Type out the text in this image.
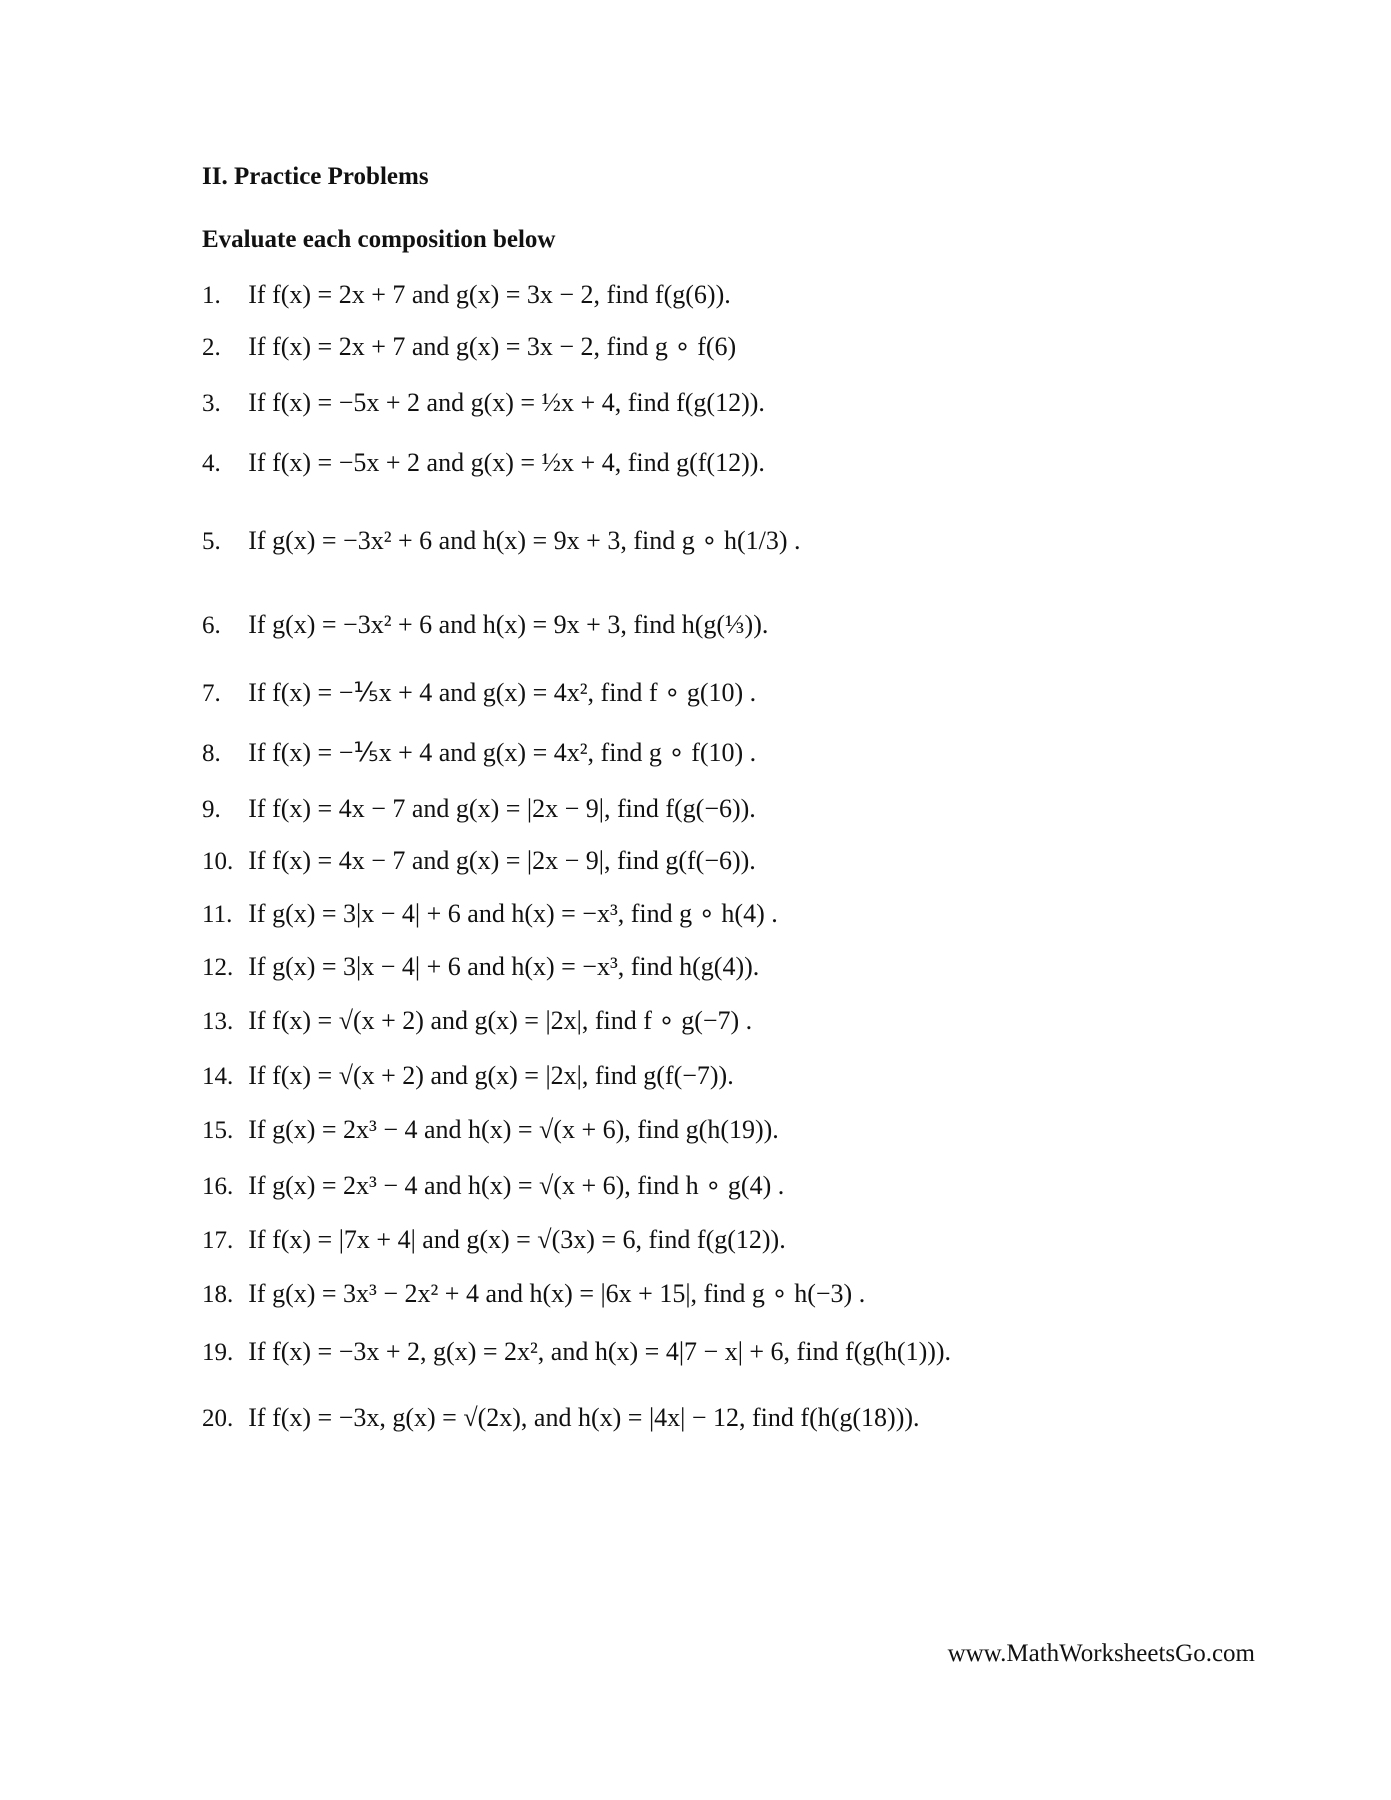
II. Practice Problems
Evaluate each composition below
1. If f(x) = 2x + 7 and g(x) = 3x − 2, find f(g(6)).
2. If f(x) = 2x + 7 and g(x) = 3x − 2, find g ∘ f(6)
3. If f(x) = −5x + 2 and g(x) = ½x + 4, find f(g(12)).
4. If f(x) = −5x + 2 and g(x) = ½x + 4, find g(f(12)).
5. If g(x) = −3x² + 6 and h(x) = 9x + 3, find g ∘ h(1/3) .
6. If g(x) = −3x² + 6 and h(x) = 9x + 3, find h(g(⅓)).
7. If f(x) = −⅕x + 4 and g(x) = 4x², find f ∘ g(10) .
8. If f(x) = −⅕x + 4 and g(x) = 4x², find g ∘ f(10) .
9. If f(x) = 4x − 7 and g(x) = |2x − 9|, find f(g(−6)).
10. If f(x) = 4x − 7 and g(x) = |2x − 9|, find g(f(−6)).
11. If g(x) = 3|x − 4| + 6 and h(x) = −x³, find g ∘ h(4) .
12. If g(x) = 3|x − 4| + 6 and h(x) = −x³, find h(g(4)).
13. If f(x) = √(x + 2) and g(x) = |2x|, find f ∘ g(−7) .
14. If f(x) = √(x + 2) and g(x) = |2x|, find g(f(−7)).
15. If g(x) = 2x³ − 4 and h(x) = √(x + 6), find g(h(19)).
16. If g(x) = 2x³ − 4 and h(x) = √(x + 6), find h ∘ g(4) .
17. If f(x) = |7x + 4| and g(x) = √(3x) = 6, find f(g(12)).
18. If g(x) = 3x³ − 2x² + 4 and h(x) = |6x + 15|, find g ∘ h(−3) .
19. If f(x) = −3x + 2, g(x) = 2x², and h(x) = 4|7 − x| + 6, find f(g(h(1))).
20. If f(x) = −3x, g(x) = √(2x), and h(x) = |4x| − 12, find f(h(g(18))).
www.MathWorksheetsGo.com
